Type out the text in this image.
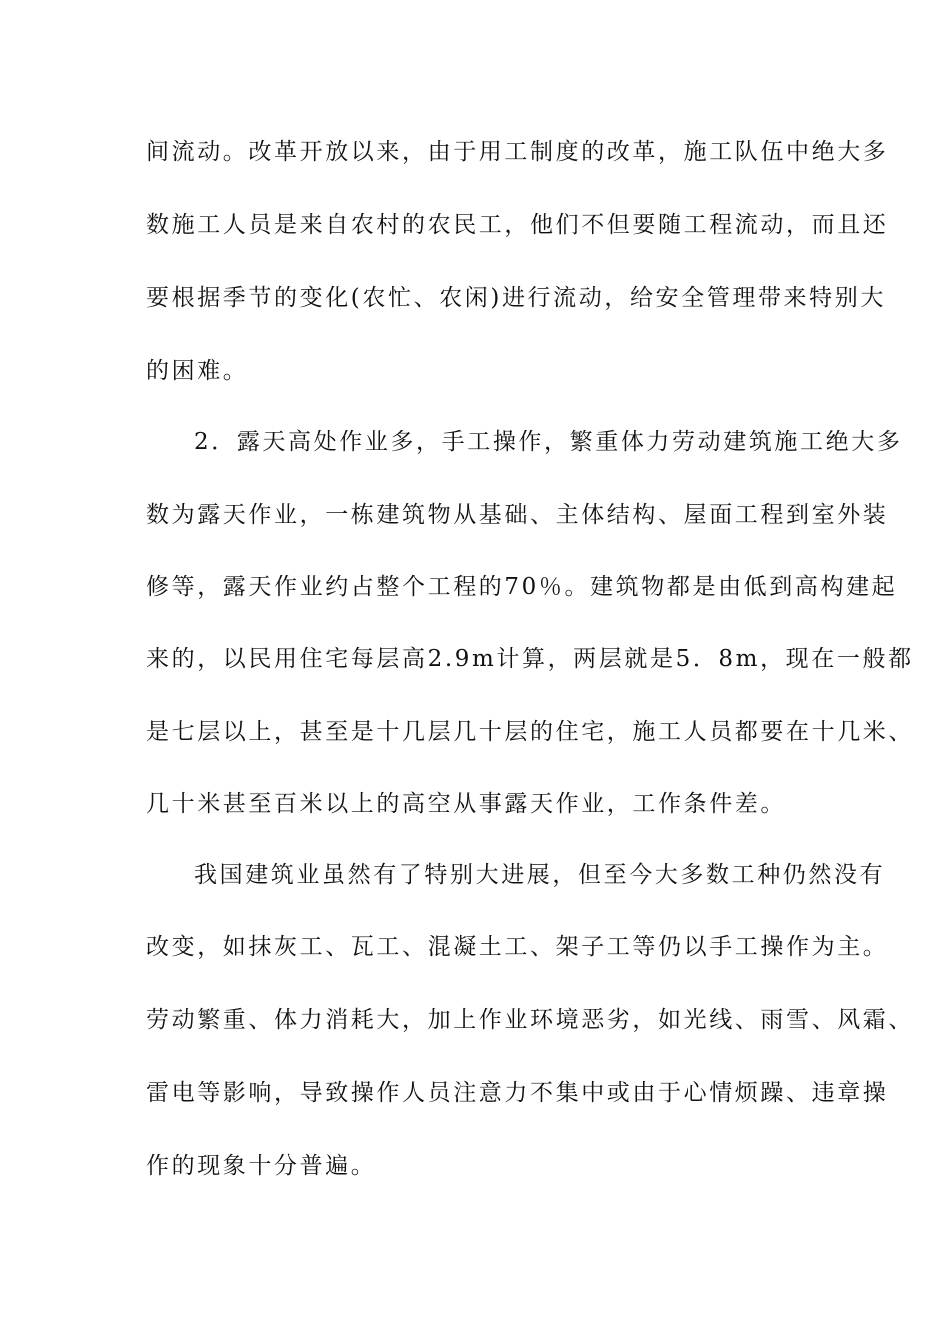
间流动。改革开放以来，由于用工制度的改革，施工队伍中绝大多
数施工人员是来自农村的农民工，他们不但要随工程流动，而且还
要根据季节的变化(农忙、农闲)进行流动，给安全管理带来特别大
的困难。
2．露天高处作业多，手工操作，繁重体力劳动建筑施工绝大多
数为露天作业，一栋建筑物从基础、主体结构、屋面工程到室外装
修等，露天作业约占整个工程的70％。建筑物都是由低到高构建起
来的，以民用住宅每层高2.9m计算，两层就是5．8m，现在一般都
是七层以上，甚至是十几层几十层的住宅，施工人员都要在十几米、
几十米甚至百米以上的高空从事露天作业，工作条件差。
我国建筑业虽然有了特别大进展，但至今大多数工种仍然没有
改变，如抹灰工、瓦工、混凝土工、架子工等仍以手工操作为主。
劳动繁重、体力消耗大，加上作业环境恶劣，如光线、雨雪、风霜、
雷电等影响，导致操作人员注意力不集中或由于心情烦躁、违章操
作的现象十分普遍。
